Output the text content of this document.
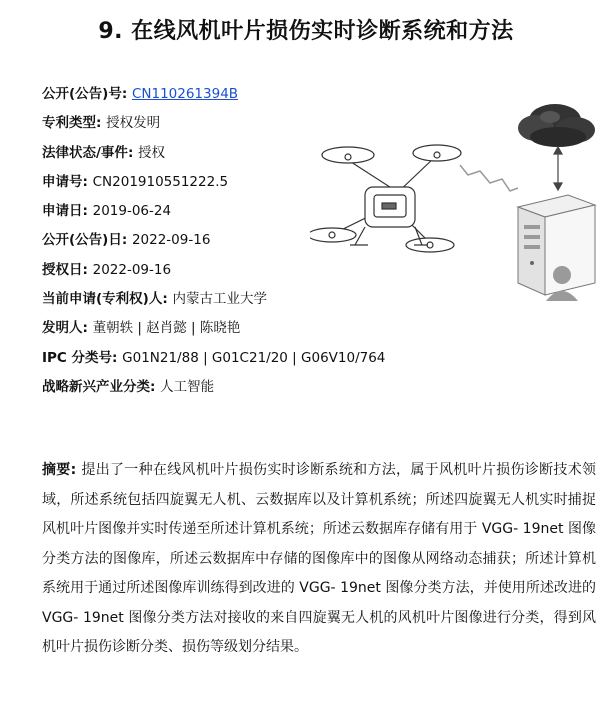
9. 在线风机叶片损伤实时诊断系统和方法
公开(公告)号: CN110261394B
专利类型: 授权发明
法律状态/事件: 授权
申请号: CN201910551222.5
申请日: 2019-06-24
公开(公告)日: 2022-09-16
授权日: 2022-09-16
当前申请(专利权)人: 内蒙古工业大学
发明人: 董朝轶 | 赵肖懿 | 陈晓艳
IPC 分类号: G01N21/88 | G01C21/20 | G06V10/764
战略新兴产业分类: 人工智能
摘要: 提出了一种在线风机叶片损伤实时诊断系统和方法，属于风机叶片损伤诊断技术领域，所述系统包括四旋翼无人机、云数据库以及计算机系统；所述四旋翼无人机实时捕捉风机叶片图像并实时传递至所述计算机系统；所述云数据库存储有用于 VGG- 19net 图像分类方法的图像库，所述云数据库中存储的图像库中的图像从网络动态捕获；所述计算机系统用于通过所述图像库训练得到改进的 VGG- 19net 图像分类方法，并使用所述改进的 VGG- 19net 图像分类方法对接收的来自四旋翼无人机的风机叶片图像进行分类，得到风机叶片损伤诊断分类、损伤等级划分结果。
